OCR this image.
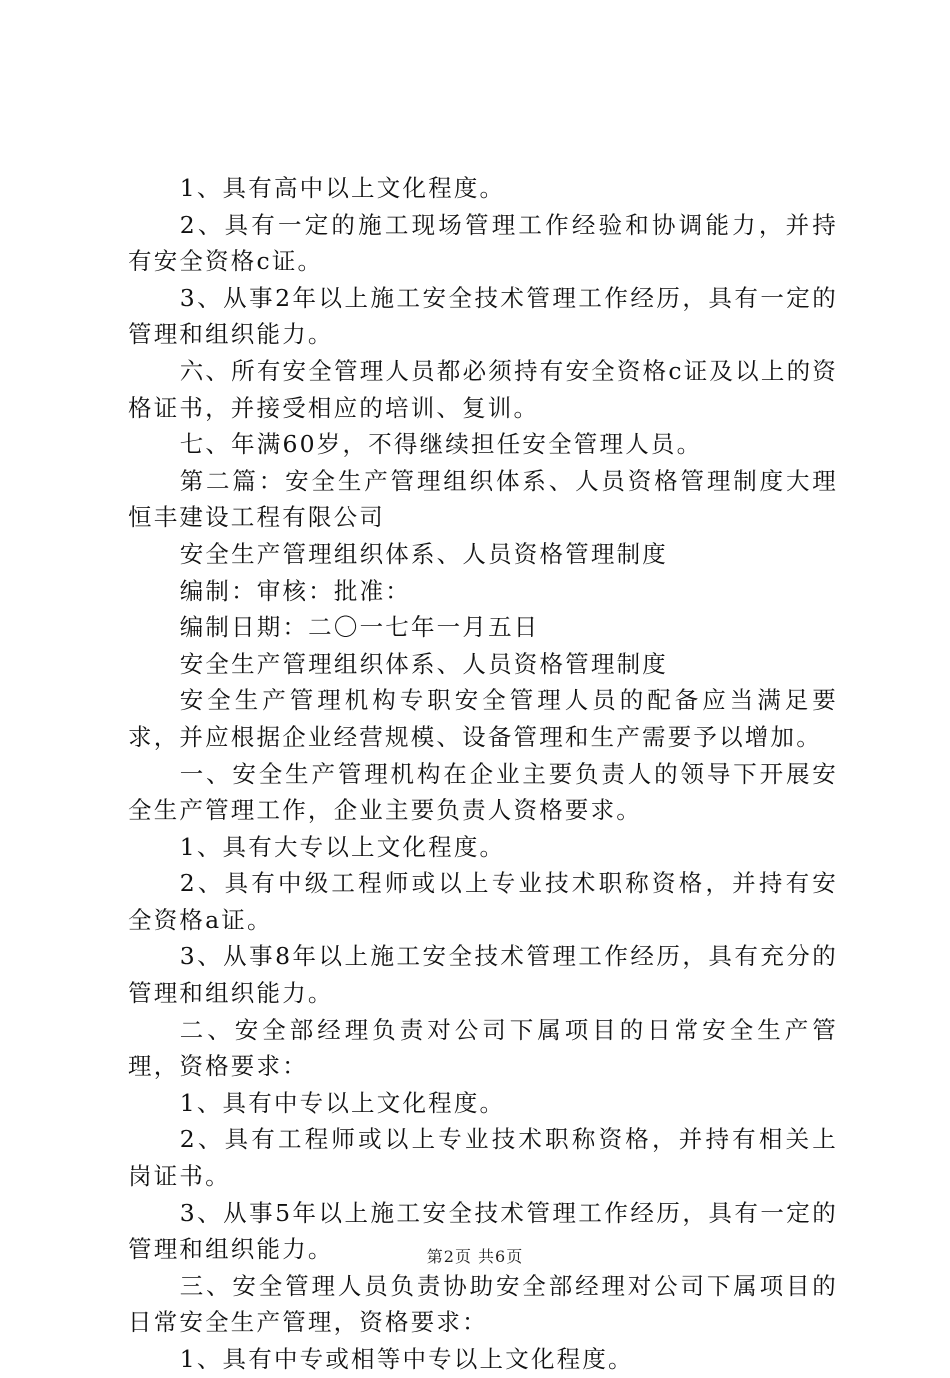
1、具有高中以上文化程度。

2、具有一定的施工现场管理工作经验和协调能力，并持有安全资格c证。

3、从事2年以上施工安全技术管理工作经历，具有一定的管理和组织能力。

六、所有安全管理人员都必须持有安全资格c证及以上的资格证书，并接受相应的培训、复训。

七、年满60岁，不得继续担任安全管理人员。

第二篇：安全生产管理组织体系、人员资格管理制度大理恒丰建设工程有限公司

安全生产管理组织体系、人员资格管理制度

编制：审核：批准：

编制日期：二〇一七年一月五日

安全生产管理组织体系、人员资格管理制度

安全生产管理机构专职安全管理人员的配备应当满足要求，并应根据企业经营规模、设备管理和生产需要予以增加。

一、安全生产管理机构在企业主要负责人的领导下开展安全生产管理工作，企业主要负责人资格要求。

1、具有大专以上文化程度。

2、具有中级工程师或以上专业技术职称资格，并持有安全资格a证。

3、从事8年以上施工安全技术管理工作经历，具有充分的管理和组织能力。

二、安全部经理负责对公司下属项目的日常安全生产管理，资格要求：

1、具有中专以上文化程度。

2、具有工程师或以上专业技术职称资格，并持有相关上岗证书。

3、从事5年以上施工安全技术管理工作经历，具有一定的管理和组织能力。

三、安全管理人员负责协助安全部经理对公司下属项目的日常安全生产管理，资格要求：

1、具有中专或相等中专以上文化程度。

第2页 共6页
